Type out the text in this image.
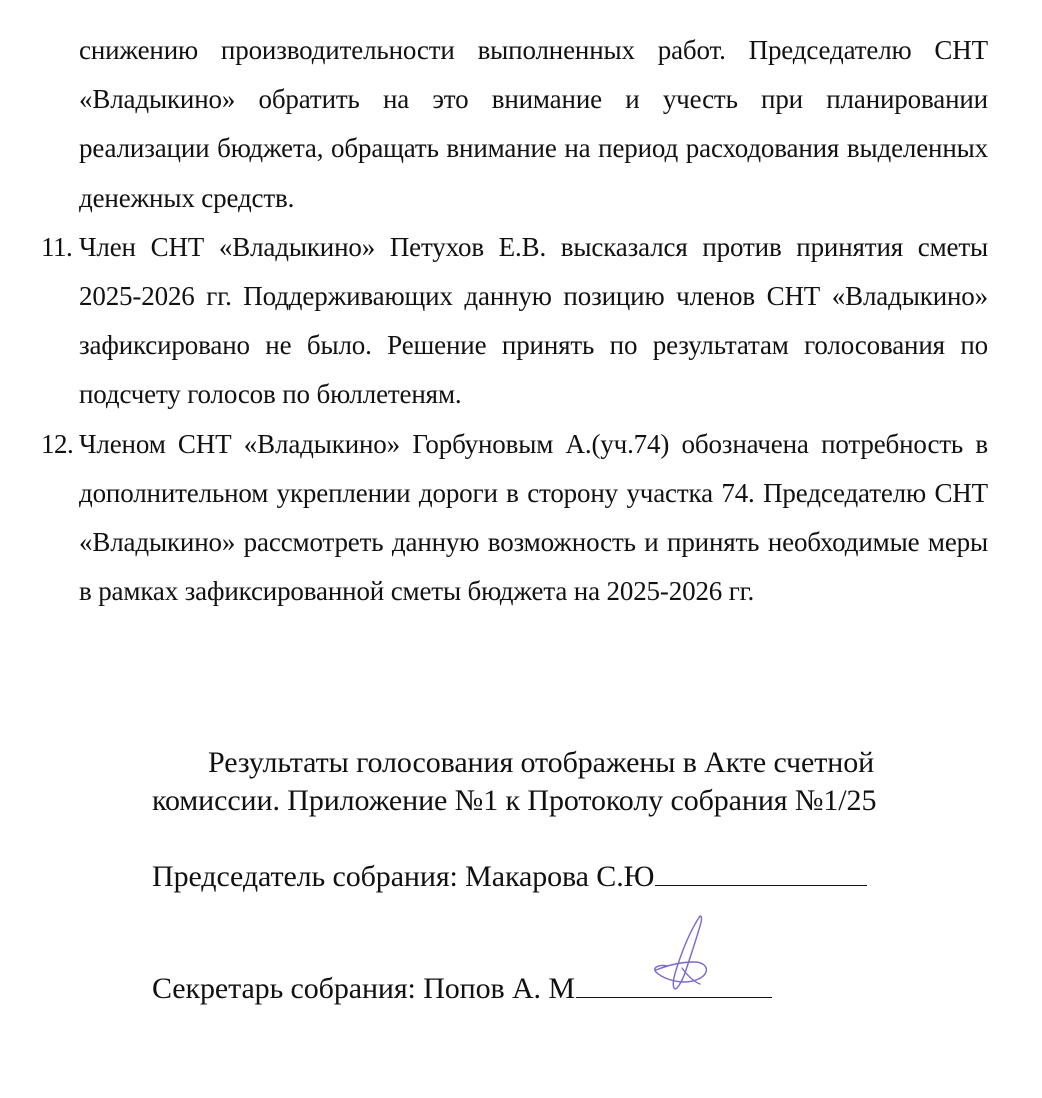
снижению производительности выполненных работ. Председателю СНТ «Владыкино» обратить на это внимание и учесть при планировании реализации бюджета, обращать внимание на период расходования выделенных денежных средств.

11. Член СНТ «Владыкино» Петухов Е.В. высказался против принятия сметы 2025-2026 гг. Поддерживающих данную позицию членов СНТ «Владыкино» зафиксировано не было. Решение принять по результатам голосования по подсчету голосов по бюллетеням.

12. Членом СНТ «Владыкино» Горбуновым А.(уч.74) обозначена потребность в дополнительном укреплении дороги в сторону участка 74. Председателю СНТ «Владыкино» рассмотреть данную возможность и принять необходимые меры в рамках зафиксированной сметы бюджета на 2025-2026 гг.

Результаты голосования отображены в Акте счетной
комиссии. Приложение №1 к Протоколу собрания №1/25
Председатель собрания: Макарова С.Ю
Секретарь собрания: Попов А. М
